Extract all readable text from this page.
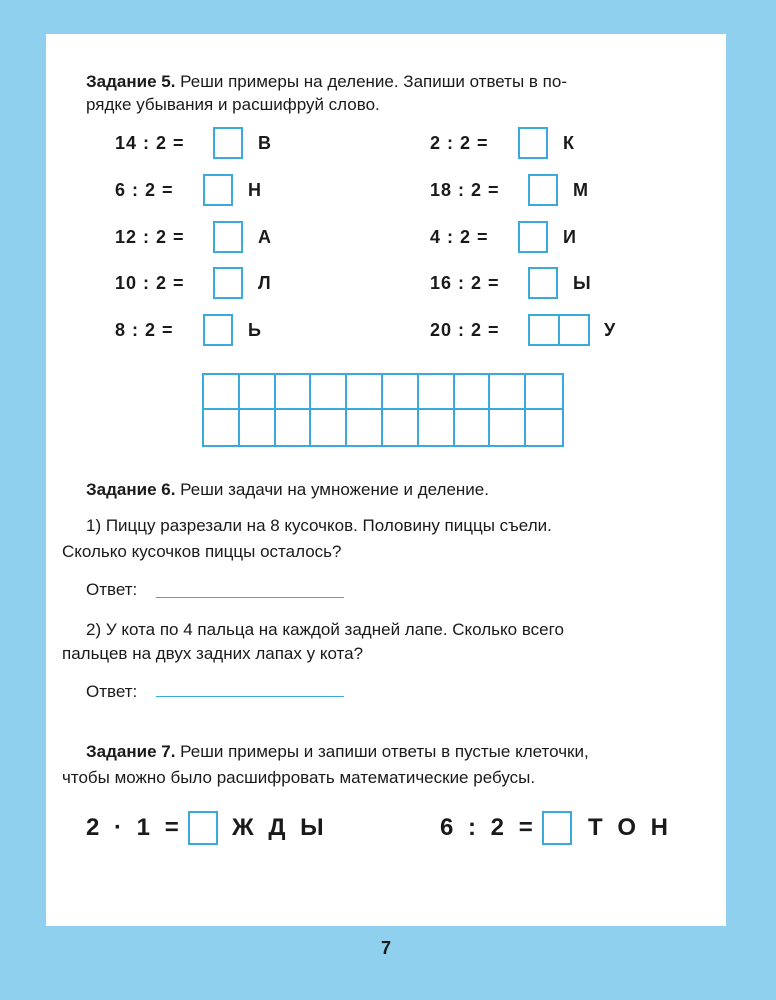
Задание 5. Реши примеры на деление. Запиши ответы в по-
рядке убывания и расшифруй слово.
14 : 2 =	В
6 : 2 =	Н
12 : 2 =	А
10 : 2 =	Л
8 : 2 =	Ь
2 : 2 =	К
18 : 2 =	М
4 : 2 =	И
16 : 2 =	Ы
20 : 2 =	У
Задание 6. Реши задачи на умножение и деление.
1) Пиццу разрезали на 8 кусочков. Половину пиццы съели.
Сколько кусочков пиццы осталось?
Ответ:
2) У кота по 4 пальца на каждой задней лапе. Сколько всего
пальцев на двух задних лапах у кота?
Ответ:
Задание 7. Реши примеры и запиши ответы в пустые клеточки,
чтобы можно было расшифровать математические ребусы.
2 · 1 = Ж Д Ы	6 : 2 = Т О Н
7
